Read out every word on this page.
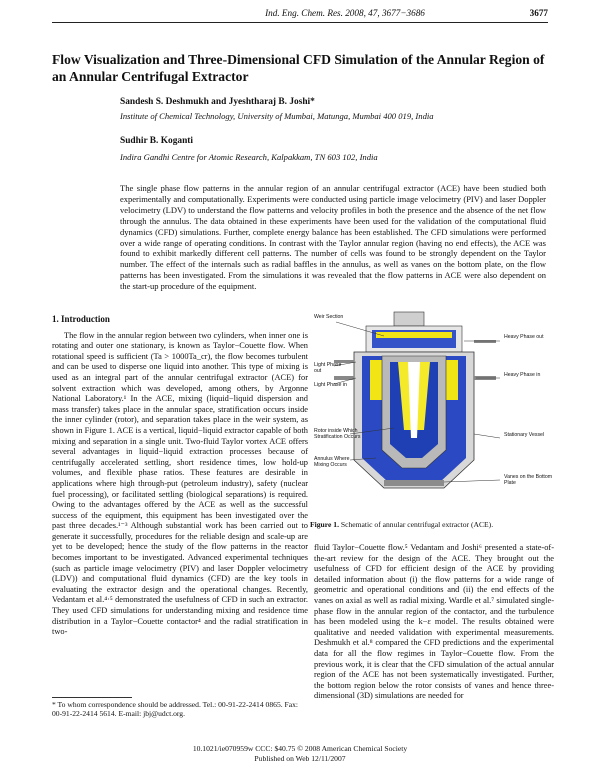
Ind. Eng. Chem. Res. 2008, 47, 3677−3686	3677
Flow Visualization and Three-Dimensional CFD Simulation of the Annular Region of an Annular Centrifugal Extractor
Sandesh S. Deshmukh and Jyeshtharaj B. Joshi*
Institute of Chemical Technology, University of Mumbai, Matunga, Mumbai 400 019, India
Sudhir B. Koganti
Indira Gandhi Centre for Atomic Research, Kalpakkam, TN 603 102, India
The single phase flow patterns in the annular region of an annular centrifugal extractor (ACE) have been studied both experimentally and computationally. Experiments were conducted using particle image velocimetry (PIV) and laser Doppler velocimetry (LDV) to understand the flow patterns and velocity profiles in both the presence and the absence of the net flow through the annulus. The data obtained in these experiments have been used for the validation of the computational fluid dynamics (CFD) simulations. Further, complete energy balance has been established. The CFD simulations were performed over a wide range of operating conditions. In contrast with the Taylor annular region (having no end effects), the ACE was found to exhibit markedly different cell patterns. The number of cells was found to be strongly dependent on the Taylor number. The effect of the internals such as radial baffles in the annulus, as well as vanes on the bottom plate, on the flow patterns has been investigated. From the simulations it was revealed that the flow patterns in ACE were also dependent on the start-up procedure of the equipment.
1. Introduction

The flow in the annular region between two cylinders, when inner one is rotating and outer one stationary, is known as Taylor−Couette flow. When rotational speed is sufficient (Ta > 1000Ta_cr), the flow becomes turbulent and can be used to disperse one liquid into another. This type of mixing is used as an integral part of the annular centrifugal extractor (ACE) for solvent extraction which was developed, among others, by Argonne National Laboratory.¹ In the ACE, mixing (liquid−liquid dispersion and mass transfer) takes place in the annular space, stratification occurs inside the inner cylinder (rotor), and separation takes place in the weir system, as shown in Figure 1. ACE is a vertical, liquid−liquid extractor capable of both mixing and separation in a single unit. Two-fluid Taylor vortex ACE offers several advantages in liquid−liquid extraction processes because of centrifugally accelerated settling, short residence times, low hold-up volumes, and flexible phase ratios. These features are desirable in applications where high through-put (petroleum industry), safety (nuclear fuel processing), or facilitated settling (biological separations) is required. Owing to the advantages offered by the ACE as well as the successful success of the equipment, this equipment has been investigated over the past three decades.¹⁻³ Although substantial work has been carried out to generate it successfully, procedures for the reliable design and scale-up are yet to be developed; hence the study of the flow patterns in the reactor becomes important to be investigated. Advanced experimental techniques (such as particle image velocimetry (PIV) and laser Doppler velocimetry (LDV)) and computational fluid dynamics (CFD) are the key tools in evaluating the extractor design and the operational changes. Recently, Vedantam et al.⁴·⁵ demonstrated the usefulness of CFD in such an extractor. They used CFD simulations for understanding mixing and residence time distribution in a Taylor−Couette contactor⁴ and the radial stratification in two-

Weir Section
Heavy Phase out
Light Phase out
Light Phase in
Heavy Phase in
Rotor inside Which Stratification Occurs	Stationary Vessel
Annulus Where Mixing Occurs
Vanes on the Bottom Plate
Figure 1. Schematic of annular centrifugal extractor (ACE).

fluid Taylor−Couette flow.⁵ Vedantam and Joshi⁶ presented a state-of-the-art review for the design of the ACE. They brought out the usefulness of CFD for efficient design of the ACE by providing detailed information about (i) the flow patterns for a wide range of geometric and operational conditions and (ii) the end effects of the vanes on axial as well as radial mixing. Wardle et al.⁷ simulated single-phase flow in the annular region of the contactor, and the turbulence has been modeled using the k−ε model. The results obtained were qualitative and needed validation with experimental measurements. Deshmukh et al.⁸ compared the CFD predictions and the experimental data for all the flow regimes in Taylor−Couette flow. From the previous work, it is clear that the CFD simulation of the actual annular region of the ACE has not been systematically investigated. Further, the bottom region below the rotor consists of vanes and hence three-dimensional (3D) simulations are needed for

* To whom correspondence should be addressed. Tel.: 00-91-22-2414 0865. Fax: 00-91-22-2414 5614. E-mail: jbj@udct.org.
10.1021/ie070959w CCC: $40.75 © 2008 American Chemical Society
Published on Web 12/11/2007
